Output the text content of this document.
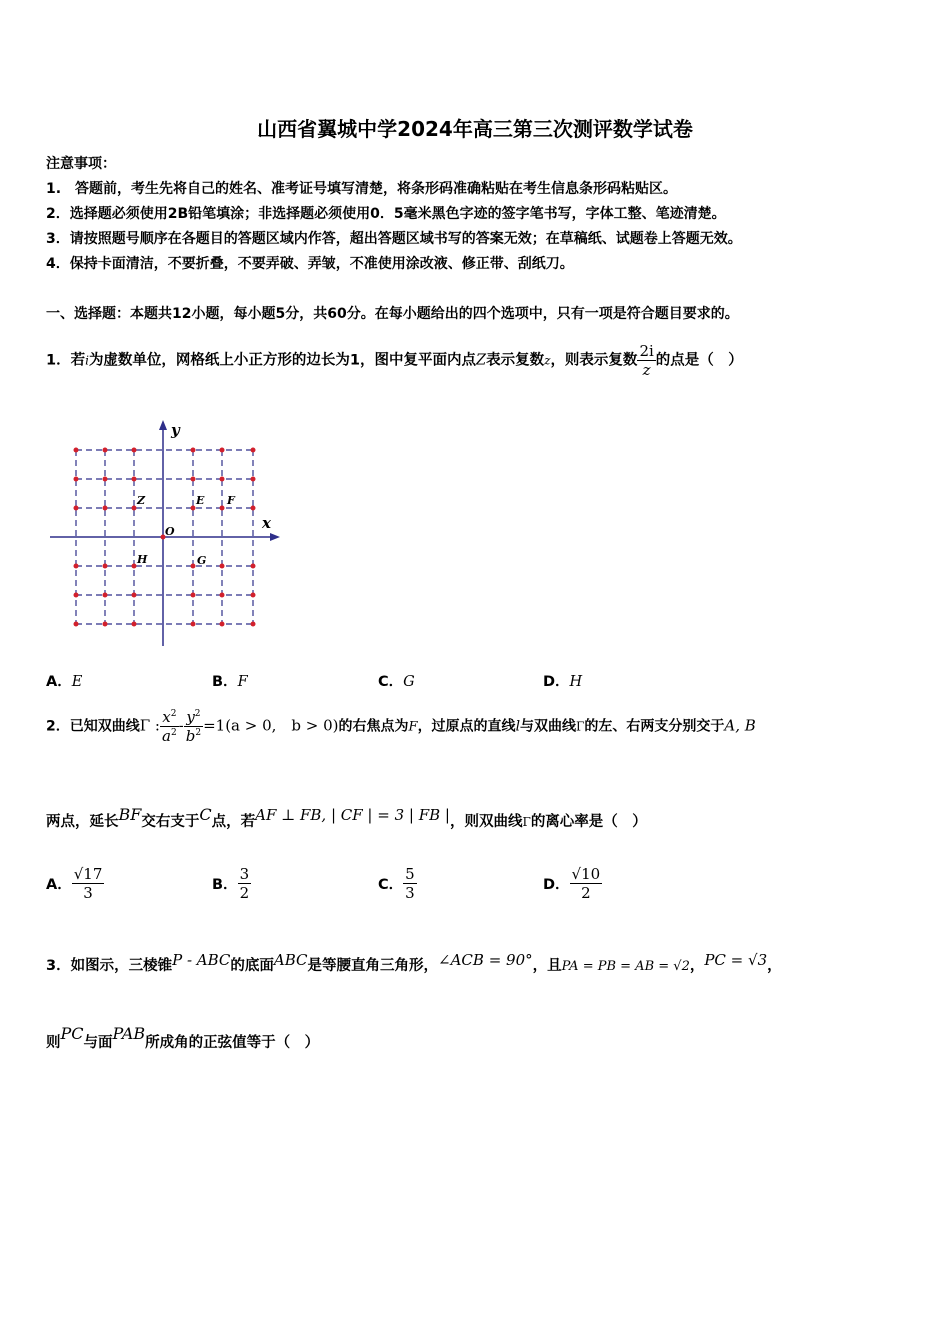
山西省翼城中学2024年高三第三次测评数学试卷
注意事项：
1.　答题前，考生先将自己的姓名、准考证号填写清楚，将条形码准确粘贴在考生信息条形码粘贴区。
2．选择题必须使用2B铅笔填涂；非选择题必须使用0．5毫米黑色字迹的签字笔书写，字体工整、笔迹清楚。
3．请按照题号顺序在各题目的答题区域内作答，超出答题区域书写的答案无效；在草稿纸、试题卷上答题无效。
4．保持卡面清洁，不要折叠，不要弄破、弄皱，不准使用涂改液、修正带、刮纸刀。
一、选择题：本题共12小题，每小题5分，共60分。在每小题给出的四个选项中，只有一项是符合题目要求的。
1．若i为虚数单位，网格纸上小正方形的边长为1，图中复平面内点Z表示复数z，则表示复数 $\frac{2i}{z}$ 的点是（　）
y
x
O
Z	E F
H	G
A．E	B．F	C．G	D．H
2．已知双曲线Γ : $\frac{x^2}{a^2} - \frac{y^2}{b^2} =1(a > 0$,　b > 0)的右焦点为F，过原点的直线l与双曲线Γ的左、右两支分别交于A, B
两点，延长BF交右支于C点，若AF ⊥ FB, | CF | = 3 | FB |，则双曲线Γ的离心率是（　）
A． $\frac{√17}{3}$	B． $\frac{3}{2}$	C． $\frac{5}{3}$	D． $\frac{√10}{2}$
3．如图示，三棱锥P - ABC的底面ABC是等腰直角三角形，∠ACB = 90°，且PA = PB = AB = √2，PC = √3，
则PC与面PAB所成角的正弦值等于（　）
